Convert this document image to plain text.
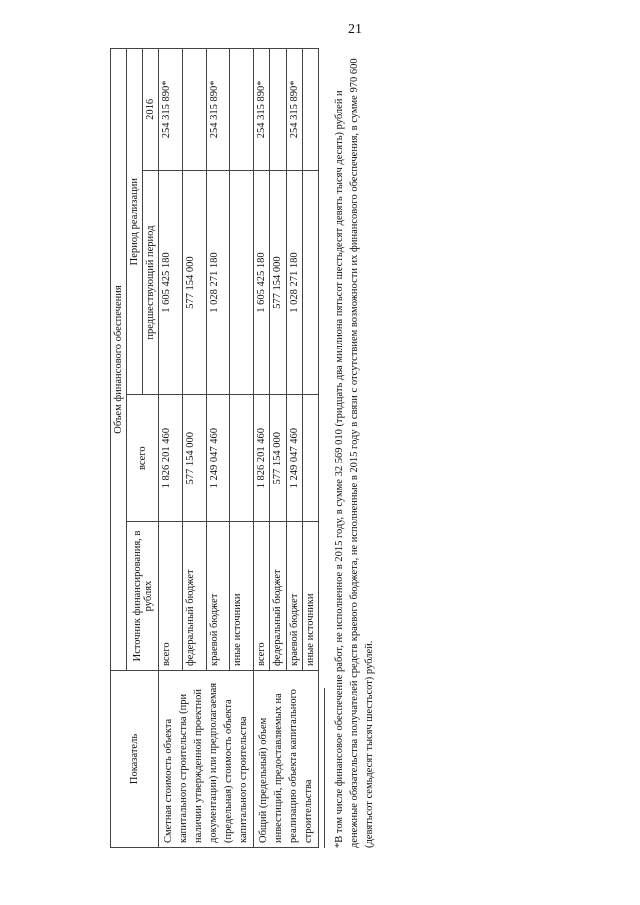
21
Показатель	Объем финансового обеспечения			
	Источник финансирования, в рублях	всего	Период реализации	
			предшествующий период	2016
Сметная стоимость объекта капитального строительства (при наличии утвержденной проектной документации) или предполагаемая (предельная) стоимость объекта капитального строительства	всего	1 826 201 460	1 605 425 180	254 315 890*
	федеральный бюджет	577 154 000	577 154 000	
	краевой бюджет	1 249 047 460	1 028 271 180	254 315 890*
	иные источники			
Общий (предельный) объем инвестиций, предоставляемых на реализацию объекта капитального строительства	всего	1 826 201 460	1 605 425 180	254 315 890*
	федеральный бюджет	577 154 000	577 154 000	
	краевой бюджет	1 249 047 460	1 028 271 180	254 315 890*
	иные источники			*В том числе финансовое обеспечение работ, не исполненное в 2015 году, в сумме 32 569 010 (тридцать два миллиона пятьсот шестьдесят девять тысяч десять) рублей и денежные обязательства получателей средств краевого бюджета, не исполненные в 2015 году в связи с отсутствием возможности их финансового обеспечения, в сумме 970 600 (девятьсот семьдесят тысяч шестьсот) рублей.
